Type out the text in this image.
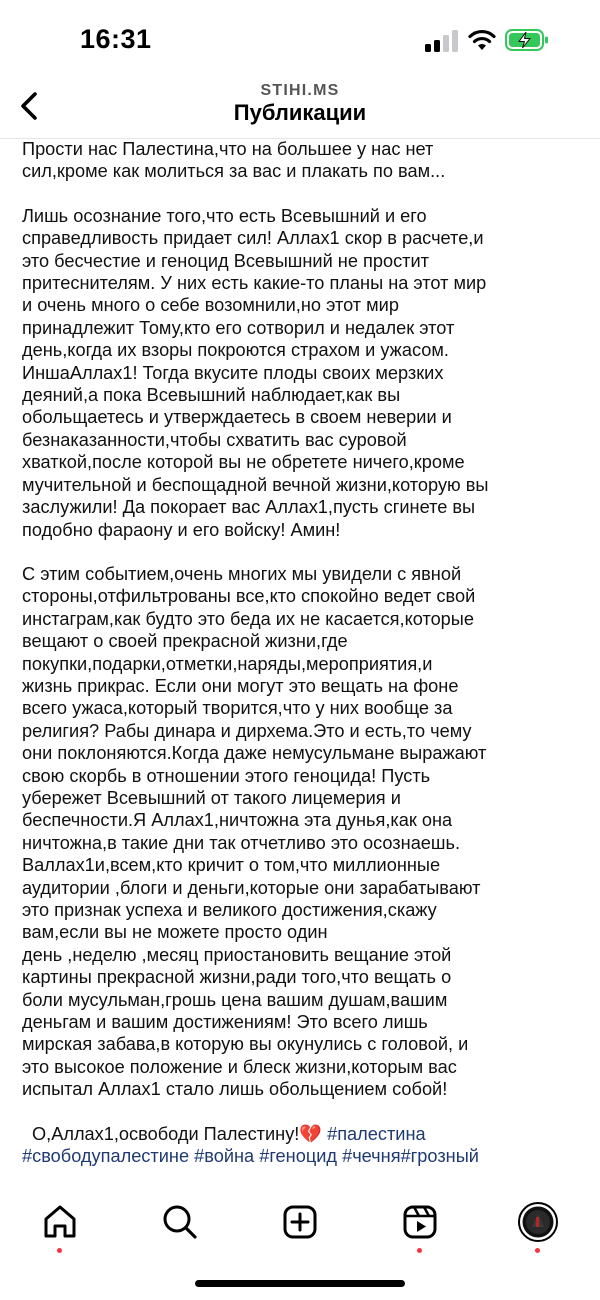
16:31
STIHI.MS
Публикации

Прости нас Палестина,что на большее у нас нет
сил,кроме как молиться за вас и плакать по вам...

Лишь осознание того,что есть Всевышний и его
справедливость придает сил! Аллах1 скор в расчете,и
это бесчестие и геноцид Всевышний не простит
притеснителям. У них есть какие-то планы на этот мир
и очень много о себе возомнили,но этот мир
принадлежит Тому,кто его сотворил и недалек этот
день,когда их взоры покроются страхом и ужасом.
ИншаАллах1! Тогда вкусите плоды своих мерзких
деяний,а пока Всевышний наблюдает,как вы
обольщаетесь и утверждаетесь в своем неверии и
безнаказанности,чтобы схватить вас суровой
хваткой,после которой вы не обретете ничего,кроме
мучительной и беспощадной вечной жизни,которую вы
заслужили! Да покорает вас Аллах1,пусть сгинете вы
подобно фараону и его войску! Амин!

С этим событием,очень многих мы увидели с явной
стороны,отфильтрованы все,кто спокойно ведет свой
инстаграм,как будто это беда их не касается,которые
вещают о своей прекрасной жизни,где
покупки,подарки,отметки,наряды,мероприятия,и
жизнь прикрас. Если они могут это вещать на фоне
всего ужаса,который творится,что у них вообще за
религия? Рабы динара и дирхема.Это и есть,то чему
они поклоняются.Когда даже немусульмане выражают
свою скорбь в отношении этого геноцида! Пусть
убережет Всевышний от такого лицемерия и
беспечности.Я Аллах1,ничтожна эта дунья,как она
ничтожна,в такие дни так отчетливо это осознаешь.
Валлах1и,всем,кто кричит о том,что миллионные
аудитории ,блоги и деньги,которые они зарабатывают
это признак успеха и великого достижения,скажу
вам,если вы не можете просто один
день ,неделю ,месяц приостановить вещание этой
картины прекрасной жизни,ради того,что вещать о
боли мусульман,грошь цена вашим душам,вашим
деньгам и вашим достижениям! Это всего лишь
мирская забава,в которую вы окунулись с головой, и
это высокое положение и блеск жизни,которым вас
испытал Аллах1 стало лишь обольщением собой!

О,Аллах1,освободи Палестину!💔 #палестина
#свободупалестине #война #геноцид #чечня#грозный
